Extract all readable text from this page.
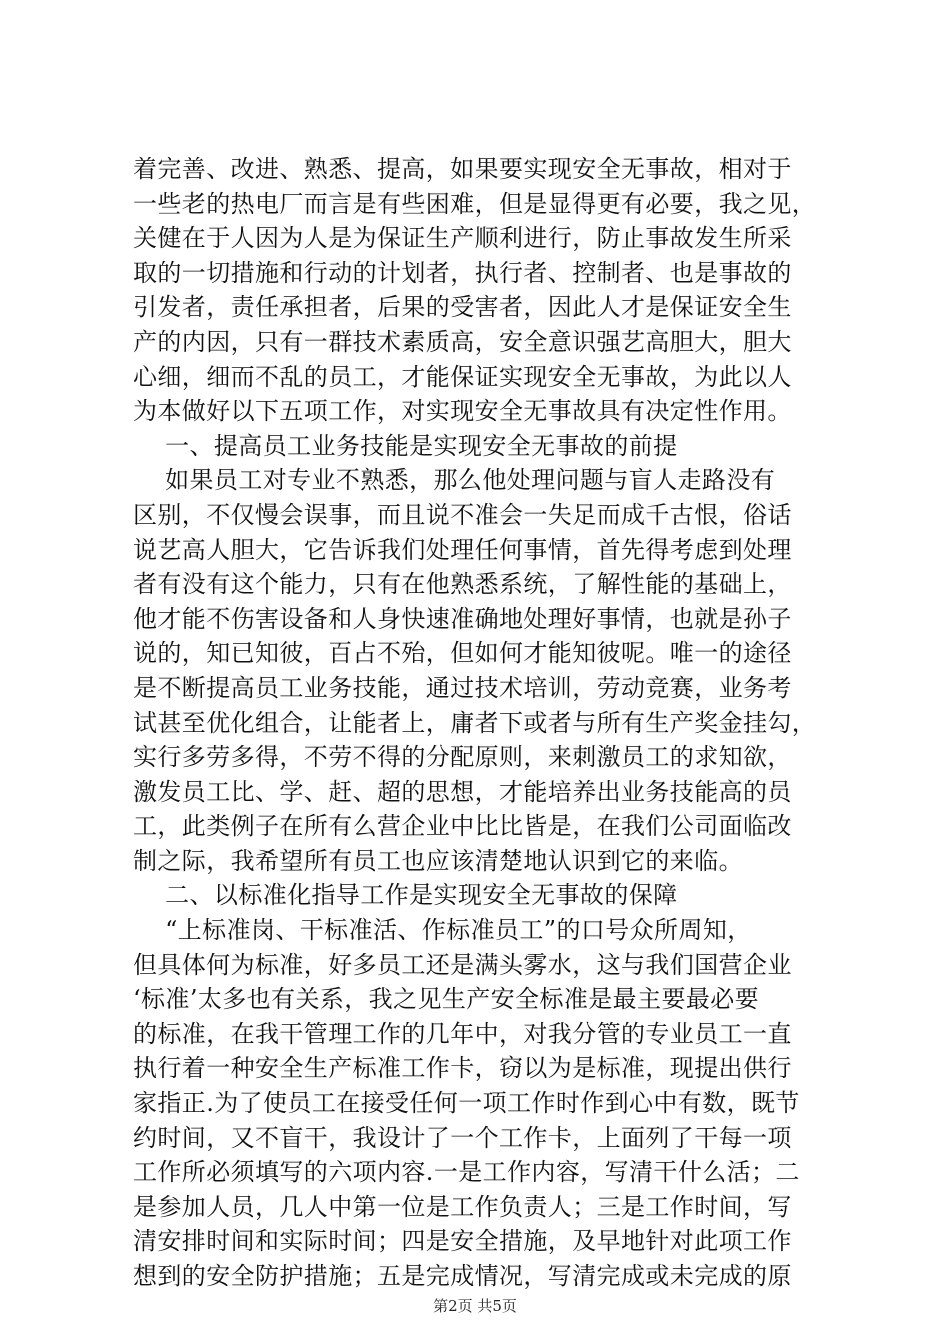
着完善、改进、熟悉、提高，如果要实现安全无事故，相对于
一些老的热电厂而言是有些困难，但是显得更有必要，我之见，
关健在于人因为人是为保证生产顺利进行，防止事故发生所采
取的一切措施和行动的计划者，执行者、控制者、也是事故的
引发者，责任承担者，后果的受害者，因此人才是保证安全生
产的内因，只有一群技术素质高，安全意识强艺高胆大，胆大
心细，细而不乱的员工，才能保证实现安全无事故，为此以人
为本做好以下五项工作，对实现安全无事故具有决定性作用。
一、提高员工业务技能是实现安全无事故的前提
如果员工对专业不熟悉，那么他处理问题与盲人走路没有
区别，不仅慢会误事，而且说不准会一失足而成千古恨，俗话
说艺高人胆大，它告诉我们处理任何事情，首先得考虑到处理
者有没有这个能力，只有在他熟悉系统，了解性能的基础上，
他才能不伤害设备和人身快速准确地处理好事情，也就是孙子
说的，知已知彼，百占不殆，但如何才能知彼呢。唯一的途径
是不断提高员工业务技能，通过技术培训，劳动竞赛，业务考
试甚至优化组合，让能者上，庸者下或者与所有生产奖金挂勾，
实行多劳多得，不劳不得的分配原则，来刺激员工的求知欲，
激发员工比、学、赶、超的思想，才能培养出业务技能高的员
工，此类例子在所有么营企业中比比皆是，在我们公司面临改
制之际，我希望所有员工也应该清楚地认识到它的来临。
二、以标准化指导工作是实现安全无事故的保障
“上标准岗、干标准活、作标准员工”的口号众所周知，
但具体何为标准，好多员工还是满头雾水，这与我们国营企业
‘标准’太多也有关系，我之见生产安全标准是最主要最必要
的标准，在我干管理工作的几年中，对我分管的专业员工一直
执行着一种安全生产标准工作卡，窃以为是标准，现提出供行
家指正.为了使员工在接受任何一项工作时作到心中有数，既节
约时间，又不盲干，我设计了一个工作卡，上面列了干每一项
工作所必须填写的六项内容.一是工作内容，写清干什么活；二
是参加人员，几人中第一位是工作负责人；三是工作时间，写
清安排时间和实际时间；四是安全措施，及早地针对此项工作
想到的安全防护措施；五是完成情况，写清完成或未完成的原
第2页 共5页
